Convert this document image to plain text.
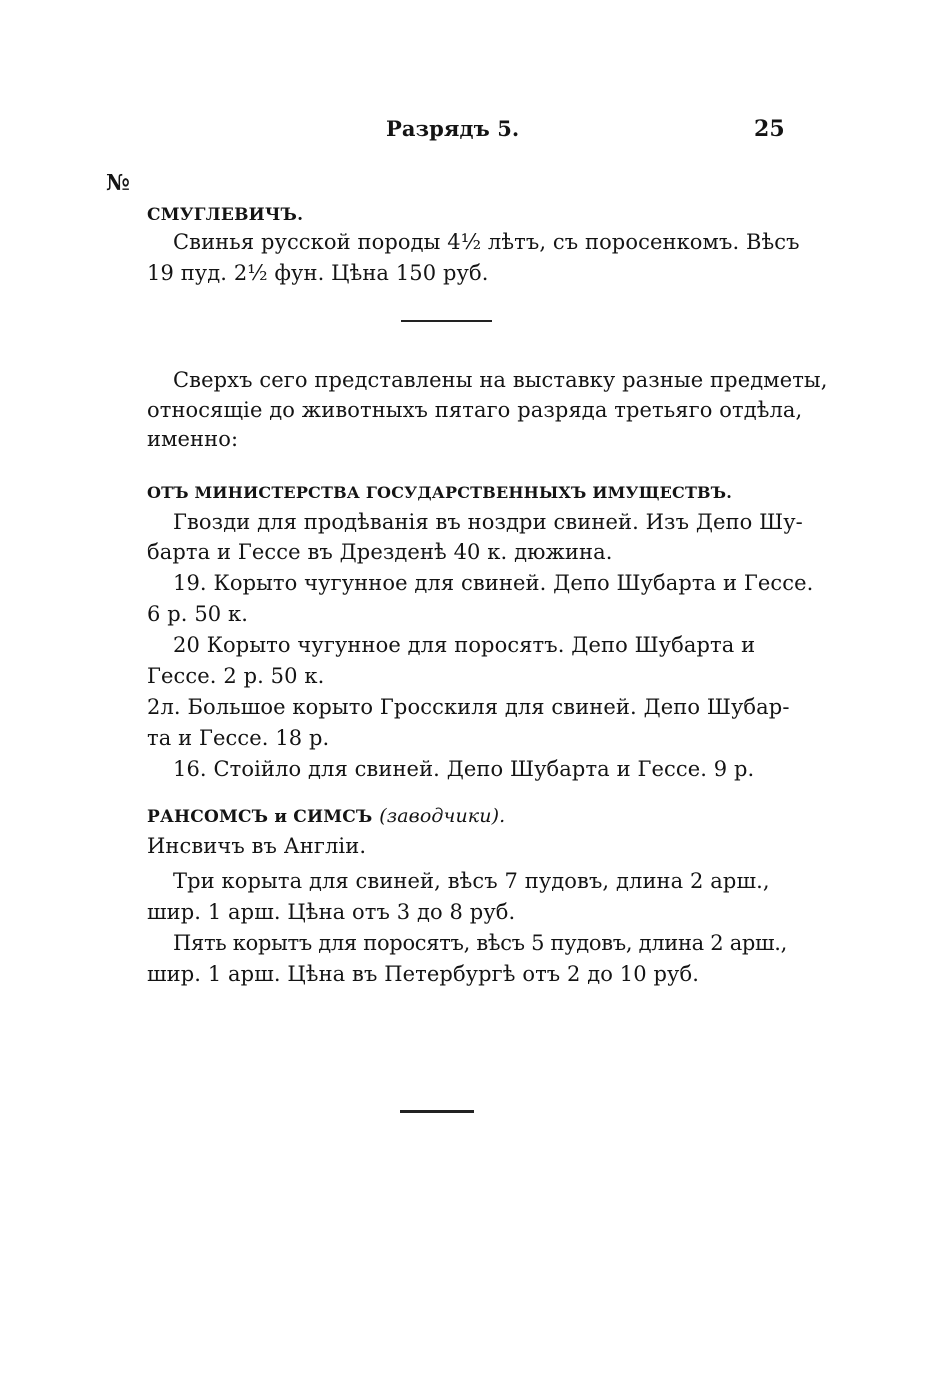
Разрядъ 5.	25
№
СМУГЛЕВИЧЪ.
Свинья русской породы 4½ лѣтъ, съ поросенкомъ. Вѣсъ
19 пуд. 2½ фун. Цѣна 150 руб.
Сверхъ сего представлены на выставку разные предметы,
относящіе до животныхъ пятаго разряда третьяго отдѣла,
именно:
ОТЪ МИНИСТЕРСТВА ГОСУДАРСТВЕННЫХЪ ИМУЩЕСТВЪ.
Гвозди для продѣванія въ ноздри свиней. Изъ Депо Шу-
барта и Гессе въ Дрезденѣ 40 к. дюжина.
19. Корыто чугунное для свиней. Депо Шубарта и Гессе.
6 р. 50 к.
20 Корыто чугунное для поросятъ. Депо Шубарта и
Гессе. 2 р. 50 к.
2л. Большое корыто Гросскиля для свиней. Депо Шубар-
та и Гессе. 18 р.
16. Стоійло для свиней. Депо Шубарта и Гессе. 9 р.
РАНСОМСЪ и СИМСЪ (заводчики).
Инсвичъ въ Англіи.
Три корыта для свиней, вѣсъ 7 пудовъ, длина 2 арш.,
шир. 1 арш. Цѣна отъ 3 до 8 руб.
Пять корытъ для поросятъ, вѣсъ 5 пудовъ, длина 2 арш.,
шир. 1 арш. Цѣна въ Петербургѣ отъ 2 до 10 руб.
